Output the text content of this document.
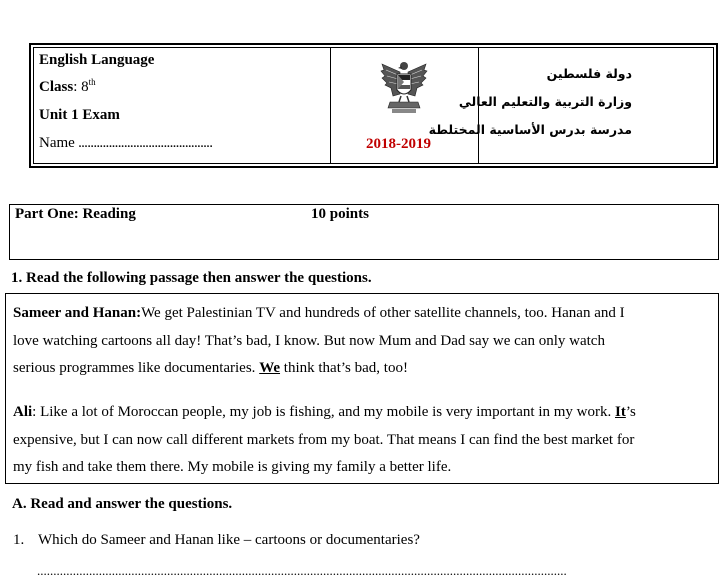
English Language
Class: 8th
Unit 1 Exam
Name ............................................	2018-2019
دولة فلسطين
وزارة التربية والتعليم العالي
مدرسة بدرس الأساسية المختلطة
Part One: Reading	10 points
1. Read the following passage then answer the questions.
Sameer and Hanan:We get Palestinian TV and hundreds of other satellite channels, too. Hanan and I
love watching cartoons all day! That’s bad, I know. But now Mum and Dad say we can only watch
serious programmes like documentaries. We think that’s bad, too!
Ali: Like a lot of Moroccan people, my job is fishing, and my mobile is very important in my work. It’s
expensive, but I can now call different markets from my boat. That means I can find the best market for
my fish and take them there. My mobile is giving my family a better life.
A. Read and answer the questions.
1. Which do Sameer and Hanan like – cartoons or documentaries?
...................................................................................................................................................................
